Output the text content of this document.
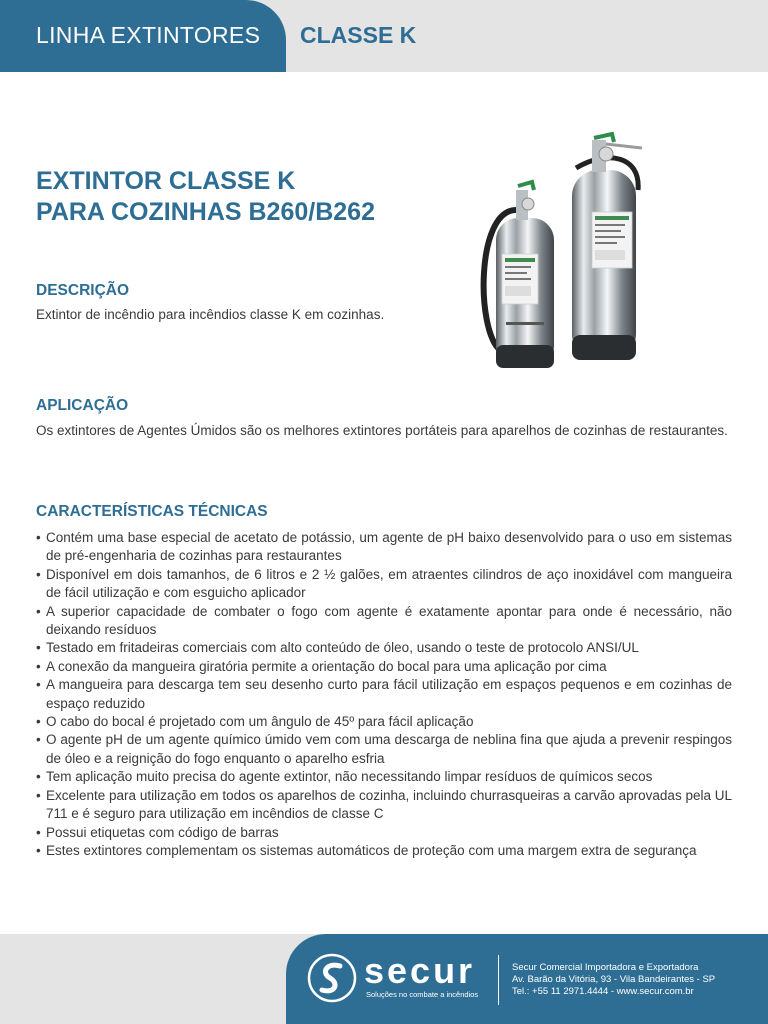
LINHA EXTINTORES CLASSE K
EXTINTOR CLASSE K
PARA COZINHAS B260/B262
DESCRIÇÃO
Extintor de incêndio para incêndios classe K em cozinhas.
APLICAÇÃO
Os extintores de Agentes Úmidos são os melhores extintores portáteis para aparelhos de cozinhas de restaurantes.
CARACTERÍSTICAS TÉCNICAS
• Contém uma base especial de acetato de potássio, um agente de pH baixo desenvolvido para o uso em sistemas de pré-engenharia de cozinhas para restaurantes
• Disponível em dois tamanhos, de 6 litros e 2 ½ galões, em atraentes cilindros de aço inoxidável com mangueira de fácil utilização e com esguicho aplicador
• A superior capacidade de combater o fogo com agente é exatamente apontar para onde é necessário, não deixando resíduos
• Testado em fritadeiras comerciais com alto conteúdo de óleo, usando o teste de protocolo ANSI/UL
• A conexão da mangueira giratória permite a orientação do bocal para uma aplicação por cima
• A mangueira para descarga tem seu desenho curto para fácil utilização em espaços pequenos e em cozinhas de espaço reduzido
• O cabo do bocal é projetado com um ângulo de 45º para fácil aplicação
• O agente pH de um agente químico úmido vem com uma descarga de neblina fina que ajuda a prevenir respingos de óleo e a reignição do fogo enquanto o aparelho esfria
• Tem aplicação muito precisa do agente extintor, não necessitando limpar resíduos de químicos secos
• Excelente para utilização em todos os aparelhos de cozinha, incluindo churrasqueiras a carvão aprovadas pela UL 711 e é seguro para utilização em incêndios de classe C
• Possui etiquetas com código de barras
• Estes extintores complementam os sistemas automáticos de proteção com uma margem extra de segurança
secur
Soluções no combate a incêndios
Secur Comercial Importadora e Exportadora
Av. Barão da Vitória, 93 - Vila Bandeirantes - SP
Tel.: +55 11 2971.4444 - www.secur.com.br
